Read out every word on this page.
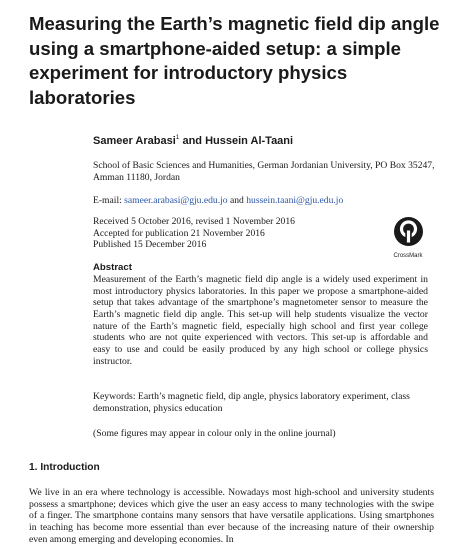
Measuring the Earth’s magnetic field dip angle using a smartphone-aided setup: a simple experiment for introductory physics laboratories
Sameer Arabasi$^1$ and Hussein Al-Taani
School of Basic Sciences and Humanities, German Jordanian University, PO Box 35247, Amman 11180, Jordan
E-mail: sameer.arabasi@gju.edu.jo and hussein.taani@gju.edu.jo
Received 5 October 2016, revised 1 November 2016
Accepted for publication 21 November 2016
Published 15 December 2016
CrossMark
Abstract

Measurement of the Earth’s magnetic field dip angle is a widely used experiment in most introductory physics laboratories. In this paper we propose a smartphone-aided setup that takes advantage of the smartphone’s magnetometer sensor to measure the Earth’s magnetic field dip angle. This set-up will help students visualize the vector nature of the Earth’s magnetic field, especially high school and first year college students who are not quite experienced with vectors. This set-up is affordable and easy to use and could be easily produced by any high school or college physics instructor.

Keywords: Earth’s magnetic field, dip angle, physics laboratory experiment, class demonstration, physics education

(Some figures may appear in colour only in the online journal)
1. Introduction

We live in an era where technology is accessible. Nowadays most high-school and university students possess a smartphone; devices which give the user an easy access to many technologies with the swipe of a finger. The smartphone contains many sensors that have versatile applications. Using smartphones in teaching has become more essential than ever because of the increasing nature of their ownership even among emerging and developing economies. In
